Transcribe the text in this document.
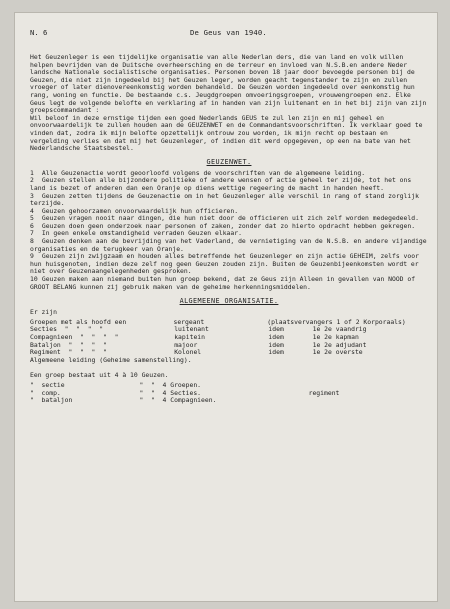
N. 6	De Geus van 1940.

Het Geuzenleger is een tijdelijke organisatie van alle Nederlan ders, die van land en volk willen helpen bevrijden van de Duitsche overheersching en de terreur en invloed van N.S.B.en andere Neder landsche Nationale socialistische organisaties. Personen boven 18 jaar door bevoegde personen bij de Geuzen, die niet zijn ingedeeld bij het Geuzen leger, worden geacht tegenstander te zijn en zullen vroeger of later dienovereenkomstig worden behandeld. De Geuzen worden ingedeeld over eenkomstig hun rang, woning en functie. De bestaande c.s. Jeugdgroepen omvoeringsgroepen, vrouwengroepen enz. Elke Geus legt de volgende belofte en verklaring af in handen van zijn luitenant en in het bij zijn van zijn groepscommandant :
Wil beloof in deze ernstige tijden een goed Nederlands GEUS te zul len zijn en mij geheel en onvoorwaardelijk te zullen houden aan de GEUZENWET en de Commandantsvoorschriften. Ik verklaar goed te vinden dat, zodra ik mijn belofte opzettelijk ontrouw zou worden, ik mijn recht op bestaan en vergelding verlies en dat mij het Geuzenleger, of indien dit werd opgegeven, op een na bate van het Nederlandsche Staatsbestel.

GEUZENWET.
1 Alle Geuzenactie wordt geoorloofd volgens de voorschriften van de algemeene leiding.
2 Geuzen stellen alle bijzondere politieke of andere wensen of actie geheel ter zijde, tot het ons land is bezet of anderen dan een Oranje op diens wettige regeering de macht in handen heeft.
3 Geuzen zetten tijdens de Geuzenactie om in het Geuzenleger alle verschil in rang of stand zorglijk terzijde.
4 Geuzen gehoorzamen onvoorwaardelijk hun officieren.
5 Geuzen vragen nooit naar dingen, die hun niet door de officieren uit zich zelf worden medegedeeld.
6 Geuzen doen geen onderzoek naar personen of zaken, zonder dat zo hierto opdracht hebben gekregen.
7 In geen enkele omstandigheid verraden Geuzen elkaar.
8 Geuzen denken aan de bevrijding van het Vaderland, de vernietiging van de N.S.B. en andere vijandige organisaties en de terugkeer van Oranje.
9 Geuzen zijn zwijgzaam en houden alles betreffende het Geuzenleger en zijn actie GEHEIM, zelfs voor hun huisgenoten, indien deze zelf nog geen Geuzen zouden zijn. Buiten de Geuzenbijeenkomsten wordt er niet over Geuzenaangelegenheden gesproken.
10 Geuzen maken aan niemand buiten hun groep bekend, dat ze Geus zijn Alleen in gevallen van NOOD of GROOT BELANG kunnen zij gebruik maken van de geheime herkenningsmiddelen.
ALGEMEENE ORGANISATIE.

Er zijn

Groepen met als hoofd een	sergeant	(plaatsvervangers 1 of 2 Korporaals)
Secties  "  "  "  "	luitenant	idem	1e 2e vaandrig
Compagnieen  "  "  "  "	kapitein	idem	1e 2e kapman
Bataljon  "  "  "  "	majoor	idem	1e 2e adjudant
Regiment  "  "  "  "	Kolonel	idem	1e 2e overste

Algemeene leiding (Geheime samenstelling).

Een groep bestaat uit 4 à 10 Geuzen.
"  sectie	"  "  4 Groepen.
"  comp.	"  "  4 Secties.	regiment
"  bataljon	"  "  4 Compagnieen.
